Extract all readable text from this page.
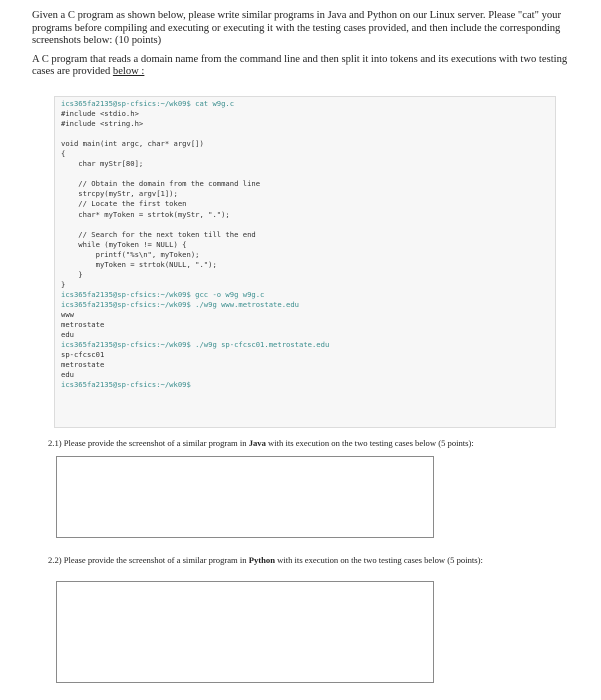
Given a C program as shown below, please write similar programs in Java and Python on our Linux server. Please "cat" your programs before compiling and executing or executing it with the testing cases provided, and then include the corresponding screenshots below: (10 points)

A C program that reads a domain name from the command line and then split it into tokens and its executions with two testing cases are provided below :

ics365fa2135@sp-cfsics:~/wk09$ cat w9g.c
#include <stdio.h>
#include <string.h>
void main(int argc, char* argv[])
{
char myStr[80];
// Obtain the domain from the command line
strcpy(myStr, argv[1]);
// Locate the first token
char* myToken = strtok(myStr, ".");
// Search for the next token till the end
while (myToken != NULL) {
printf("%s\n", myToken);
myToken = strtok(NULL, ".");
}
}
ics365fa2135@sp-cfsics:~/wk09$ gcc -o w9g w9g.c
ics365fa2135@sp-cfsics:~/wk09$ ./w9g www.metrostate.edu
www
metrostate
edu
ics365fa2135@sp-cfsics:~/wk09$ ./w9g sp-cfcsc01.metrostate.edu
sp-cfcsc01
metrostate
edu
ics365fa2135@sp-cfsics:~/wk09$
2.1) Please provide the screenshot of a similar program in Java with its execution on the two testing cases below (5 points):
2.2) Please provide the screenshot of a similar program in Python with its execution on the two testing cases below (5 points):
